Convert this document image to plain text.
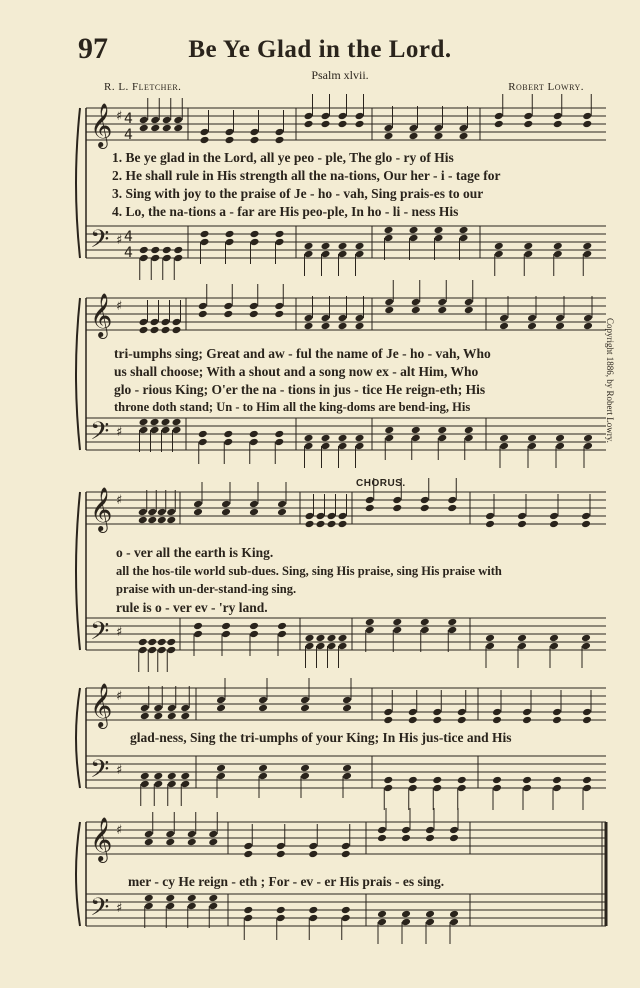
97	Be Ye Glad in the Lord.
Psalm xlvii.
R. L. Fletcher.	Robert Lowry.
Copyright 1886, by Robert Lowry.
CHORUS.
𝄞
𝄢
♯
♯
4
4
4
4
𝄞
𝄢
♯
♯
𝄞
𝄢
♯
♯
𝄞
𝄢
♯
♯
𝄞
𝄢
♯
♯
1. Be ye glad in the Lord, all ye peo - ple, The glo - ry of His
2. He shall rule in His strength all the na-tions, Our her - i - tage for
3. Sing with joy to the praise of Je - ho - vah, Sing prais-es to our
4. Lo, the na-tions a - far are His peo-ple, In ho - li - ness His
tri-umphs sing; Great and aw - ful the name of Je - ho - vah, Who
us shall choose; With a shout and a song now ex - alt Him, Who
glo - rious King; O'er the na - tions in jus - tice He reign-eth; His
throne doth stand; Un - to Him all the king-doms are bend-ing, His
o - ver all the earth is King.
all the hos-tile world sub-dues. Sing, sing His praise, sing His praise with
praise with un-der-stand-ing sing.
rule is o - ver ev - 'ry land.
glad-ness, Sing the tri-umphs of your King; In His jus-tice and His
mer - cy He reign - eth ; For - ev - er His prais - es sing.
